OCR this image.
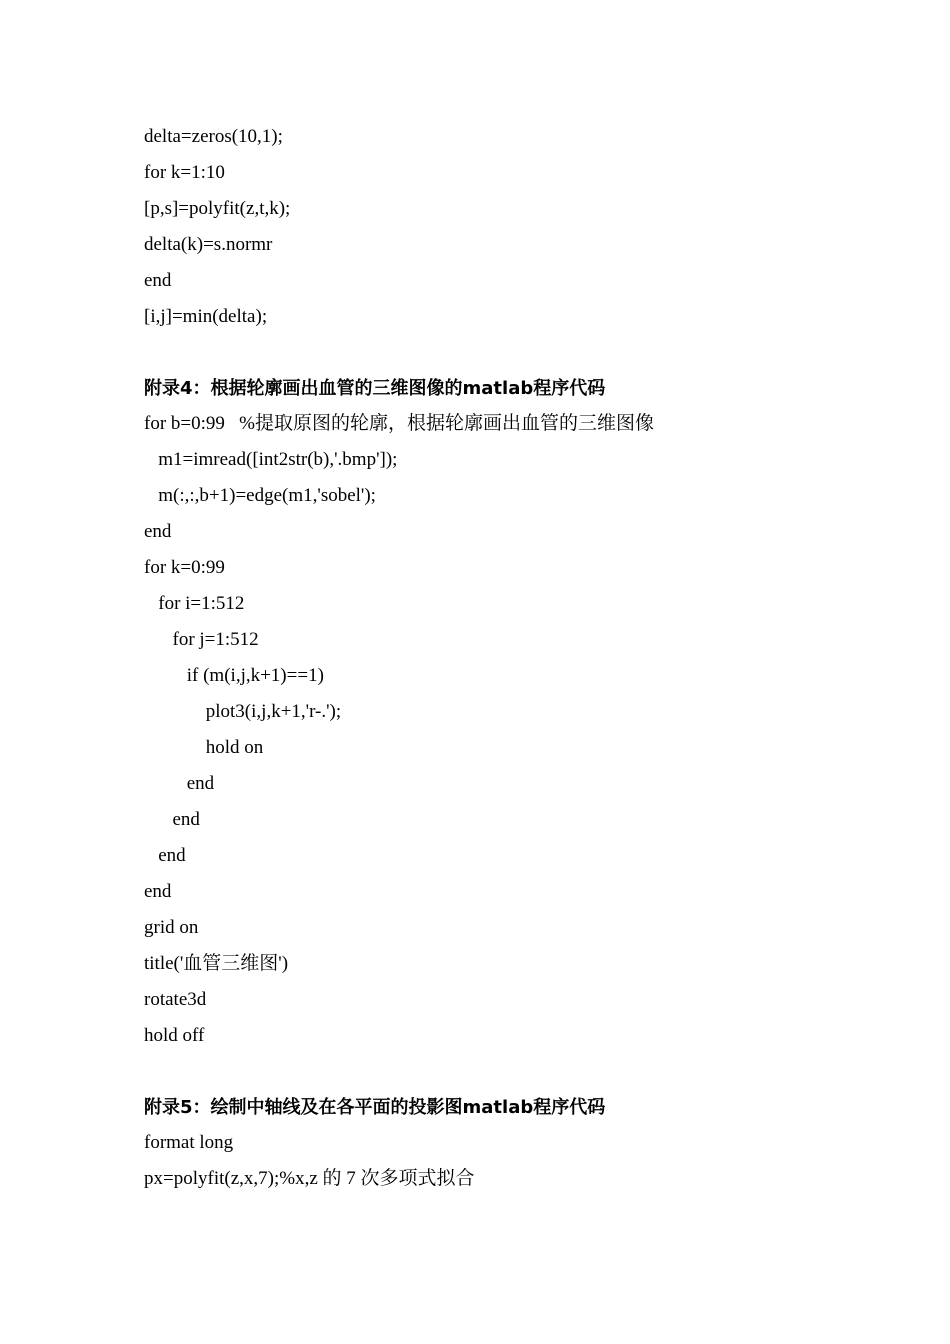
delta=zeros(10,1);
for k=1:10
[p,s]=polyfit(z,t,k);
delta(k)=s.normr
end
[i,j]=min(delta);
附录4：根据轮廓画出血管的三维图像的matlab程序代码
for b=0:99   %提取原图的轮廓，根据轮廓画出血管的三维图像
m1=imread([int2str(b),'.bmp']);
m(:,:,b+1)=edge(m1,'sobel');
end
for k=0:99
for i=1:512
for j=1:512
if (m(i,j,k+1)==1)
plot3(i,j,k+1,'r-.');
hold on
end
end
end
end
grid on
title('血管三维图')
rotate3d
hold off
附录5：绘制中轴线及在各平面的投影图matlab程序代码
format long
px=polyfit(z,x,7);%x,z 的 7 次多项式拟合
